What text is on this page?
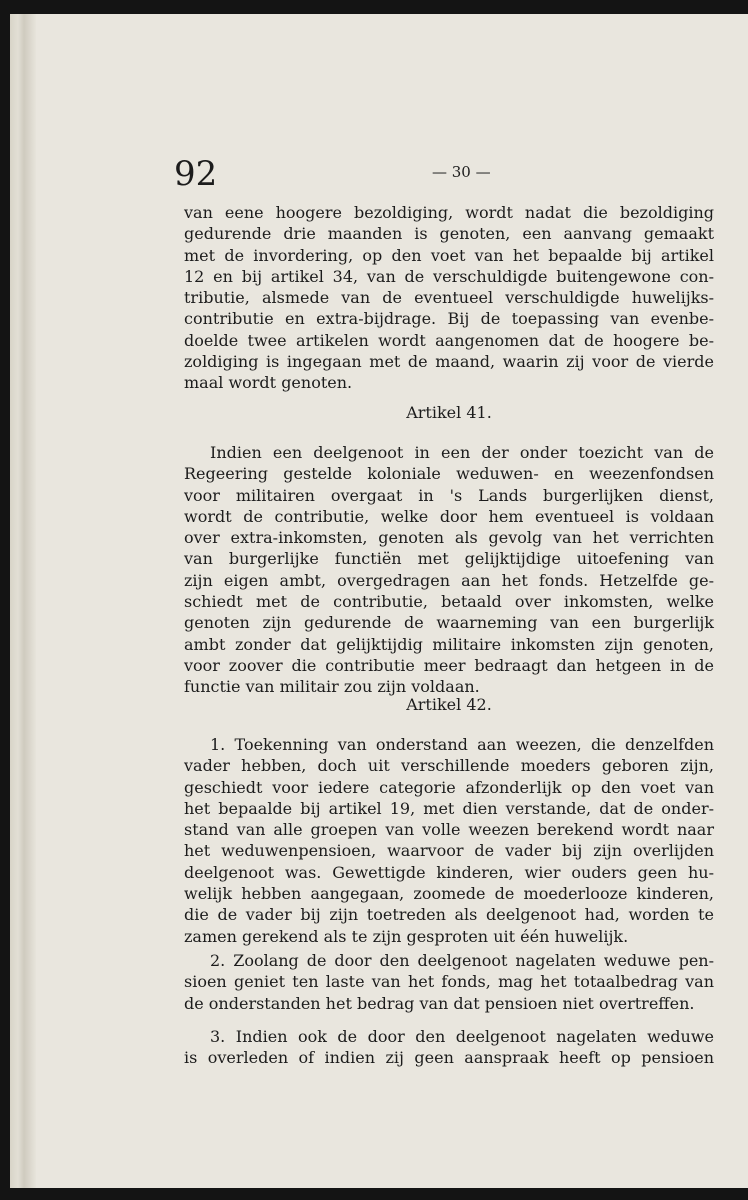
92	— 30 —
van eene hoogere bezoldiging, wordt nadat die bezoldiging
gedurende drie maanden is genoten, een aanvang gemaakt
met de invordering, op den voet van het bepaalde bij artikel
12 en bij artikel 34, van de verschuldigde buitengewone con-
tributie, alsmede van de eventueel verschuldigde huwelijks-
contributie en extra-bijdrage. Bij de toepassing van evenbe-
doelde twee artikelen wordt aangenomen dat de hoogere be-
zoldiging is ingegaan met de maand, waarin zij voor de vierde
maal wordt genoten.
Artikel 41.
Indien een deelgenoot in een der onder toezicht van de
Regeering gestelde koloniale weduwen- en weezenfondsen
voor militairen overgaat in 's Lands burgerlijken dienst,
wordt de contributie, welke door hem eventueel is voldaan
over extra-inkomsten, genoten als gevolg van het verrichten
van burgerlijke functiën met gelijktijdige uitoefening van
zijn eigen ambt, overgedragen aan het fonds. Hetzelfde ge-
schiedt met de contributie, betaald over inkomsten, welke
genoten zijn gedurende de waarneming van een burgerlijk
ambt zonder dat gelijktijdig militaire inkomsten zijn genoten,
voor zoover die contributie meer bedraagt dan hetgeen in de
functie van militair zou zijn voldaan.
Artikel 42.
1. Toekenning van onderstand aan weezen, die denzelfden
vader hebben, doch uit verschillende moeders geboren zijn,
geschiedt voor iedere categorie afzonderlijk op den voet van
het bepaalde bij artikel 19, met dien verstande, dat de onder-
stand van alle groepen van volle weezen berekend wordt naar
het weduwenpensioen, waarvoor de vader bij zijn overlijden
deelgenoot was. Gewettigde kinderen, wier ouders geen hu-
welijk hebben aangegaan, zoomede de moederlooze kinderen,
die de vader bij zijn toetreden als deelgenoot had, worden te
zamen gerekend als te zijn gesproten uit één huwelijk.
2. Zoolang de door den deelgenoot nagelaten weduwe pen-
sioen geniet ten laste van het fonds, mag het totaalbedrag van
de onderstanden het bedrag van dat pensioen niet overtreffen.
3. Indien ook de door den deelgenoot nagelaten weduwe
is overleden of indien zij geen aanspraak heeft op pensioen
